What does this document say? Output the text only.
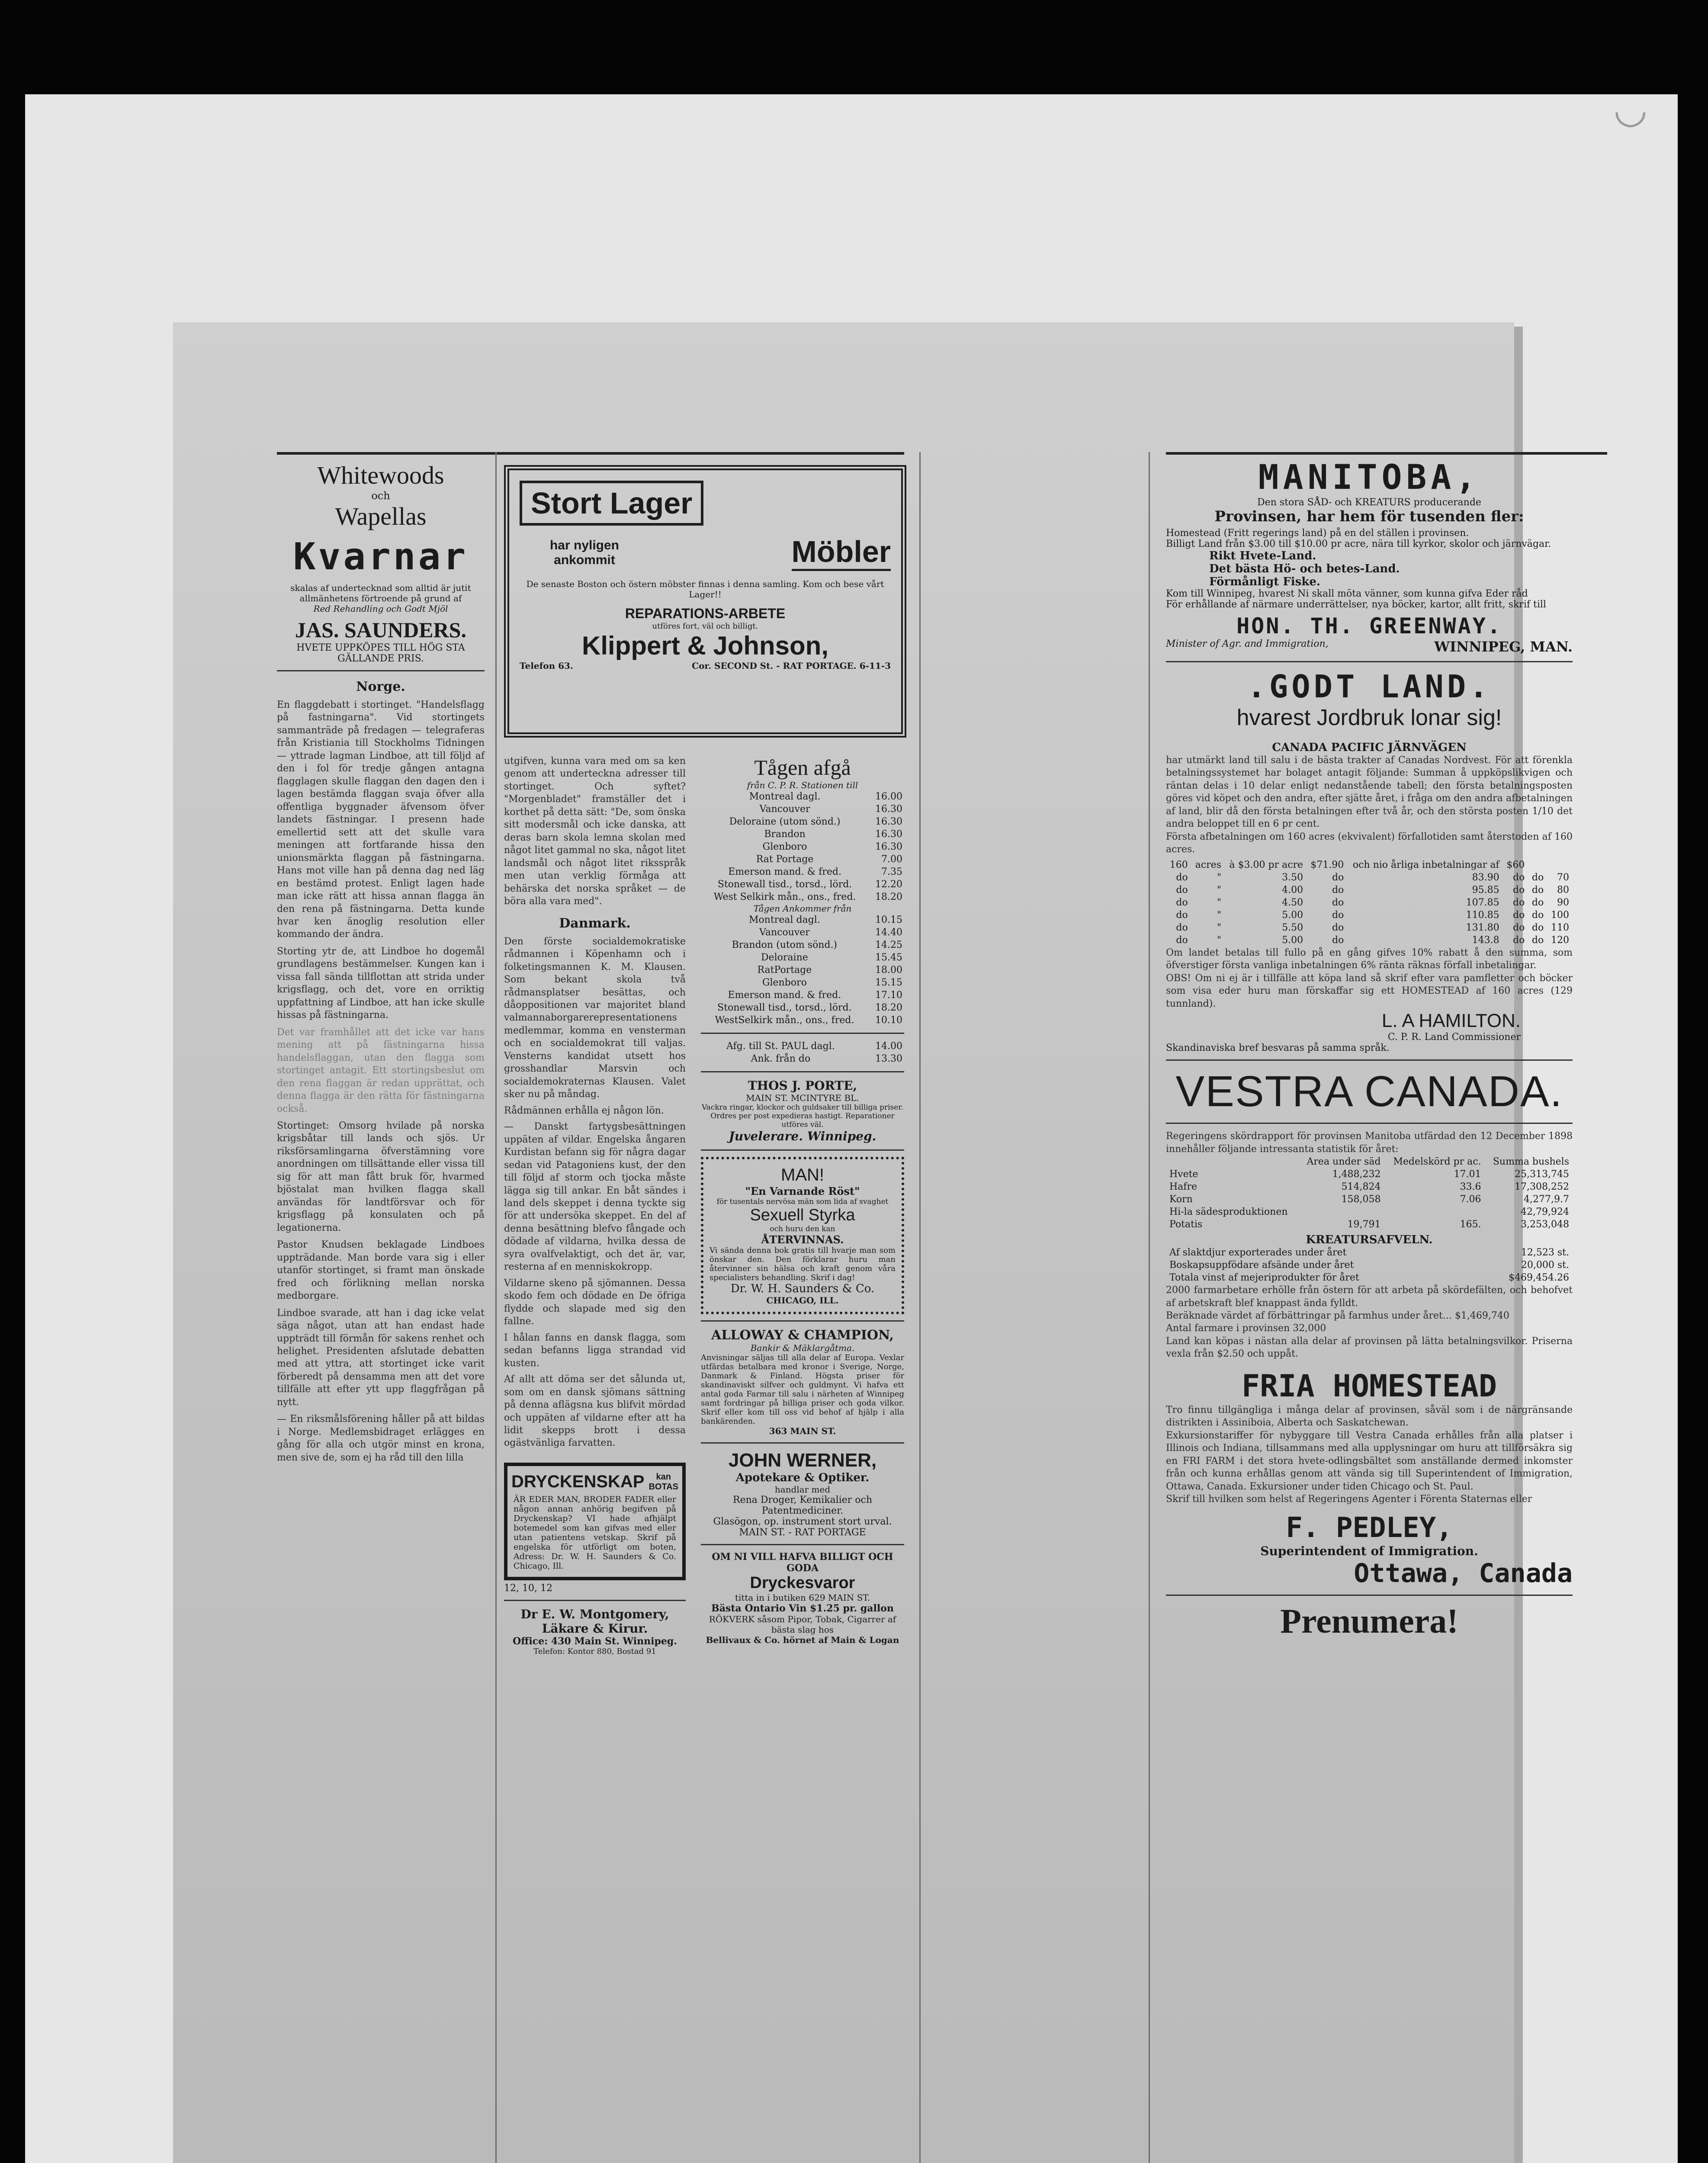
◡
Whitewoods
och
Wapellas
Kvarnar
skalas af undertecknad som alltid är jutit allmänhetens förtroende på grund af
Red Rehandling och Godt Mjöl
JAS. SAUNDERS.
HVETE UPPKÖPES TILL HÖG STA GÄLLANDE PRIS.
Norge.
En flaggdebatt i stortinget. "Handelsflagg på fastningarna". Vid stortingets sammanträde på fredagen — telegraferas från Kristiania till Stockholms Tidningen — yttrade lagman Lindboe, att till följd af den i fol för tredje gången antagna flagglagen skulle flaggan den dagen den i lagen bestämda flaggan svaja öfver alla offentliga byggnader äfvensom öfver landets fästningar. I presenn hade emellertid sett att det skulle vara meningen att fortfarande hissa den unionsmärkta flaggan på fästningarna. Hans mot ville han på denna dag ned läg en bestämd protest. Enligt lagen hade man icke rätt att hissa annan flagga än den rena på fästningarna. Detta kunde hvar ken änoglig resolution eller kommando der ändra.
Storting ytr de, att Lindboe ho dogemål grundlagens bestämmelser. Kungen kan i vissa fall sända tillflottan att strida under krigsflagg, och det, vore en orriktig uppfattning af Lindboe, att han icke skulle hissas på fästningarna.
Det var framhållet att det icke var hans mening att på fästningarna hissa handelsflaggan, utan den flagga som stortinget antagit. Ett stortingsbeslut om den rena flaggan är redan upprättat, och denna flagga är den rätta för fästningarna också.
Stortinget: Omsorg hvilade på norska krigsbåtar till lands och sjös. Ur riksförsamlingarna öfverstämning vore anordningen om tillsättande eller vissa till sig för att man fått bruk för, hvarmed bjöstalat man hvilken flagga skall användas för landtförsvar och för krigsflagg på konsulaten och på legationerna.
Pastor Knudsen beklagade Lindboes uppträdande. Man borde vara sig i eller utanför stortinget, si framt man önskade fred och förlikning mellan norska medborgare.
Lindboe svarade, att han i dag icke velat säga något, utan att han endast hade uppträdt till förmån för sakens renhet och helighet. Presidenten afslutade debatten med att yttra, att stortinget icke varit förberedt på densamma men att det vore tillfälle att efter ytt upp flaggfrågan på nytt.
— En riksmålsförening håller på att bildas i Norge. Medlemsbidraget erlägges en gång för alla och utgör minst en krona, men sive de, som ej ha råd till den lilla
Stort Lager
har nyligen ankommit	Möbler
De senaste Boston och östern möbster finnas i denna samling. Kom och bese vårt Lager!!
REPARATIONS-ARBETE
utföres fort, väl och billigt.
Klippert & Johnson,
Telefon 63.	Cor. SECOND St. - RAT PORTAGE. 6-11-3
utgifven, kunna vara med om sa ken genom att underteckna adresser till stortinget. Och syftet? "Morgenbladet" framställer det i korthet på detta sätt: "De, som önska sitt modersmål och icke danska, att deras barn skola lemna skolan med något litet gammal no ska, något litet landsmål och något litet riksspråk men utan verklig förmåga att behärska det norska språket — de böra alla vara med".
Danmark.
Den förste socialdemokratiske rådmannen i Köpenhamn och i folketingsmannen K. M. Klausen. Som bekant skola två rådmansplatser besättas, och dåoppositionen var majoritet bland valmannaborgarerepresentationens medlemmar, komma en vensterman och en socialdemokrat till valjas. Vensterns kandidat utsett hos grosshandlar Marsvin och socialdemokraternas Klausen. Valet sker nu på måndag.
Rådmännen erhålla ej någon lön.
— Danskt fartygsbesättningen uppäten af vildar. Engelska ångaren Kurdistan befann sig för några dagar sedan vid Patagoniens kust, der den till följd af storm och tjocka måste lägga sig till ankar. En båt sändes i land dels skeppet i denna tyckte sig för att undersöka skeppet. En del af denna besättning blefvo fångade och dödade af vildarna, hvilka dessa de syra ovalfvelaktigt, och det är, var, resterna af en menniskokropp.
Vildarne skeno på sjömannen. Dessa skodo fem och dödade en De öfriga flydde och slapade med sig den fallne.
I hålan fanns en dansk flagga, som sedan befanns ligga strandad vid kusten.
Af allt att döma ser det sålunda ut, som om en dansk sjömans sättning på denna aflägsna kus blifvit mördad och uppäten af vildarne efter att ha lidit skepps brott i dessa ogästvänliga farvatten.
DRYCKENSKAP	kan BOTAS
ÄR EDER MAN, BRODER FADER eller någon annan anhörig begifven på Dryckenskap? VI hade afhjälpt botemedel som kan gifvas med eller utan patientens vetskap. Skrif på engelska för utförligt om boten, Adress: Dr. W. H. Saunders & Co. Chicago, Ill.
12, 10, 12
Dr E. W. Montgomery,
Läkare & Kirur.
Office: 430 Main St. Winnipeg.
Telefon: Kontor 880, Bostad 91
Tågen afgå
från C. P. R. Stationen till
Montreal dagl.	16.00
Vancouver	16.30
Deloraine (utom sönd.)	16.30
Brandon	16.30
Glenboro	16.30
Rat Portage	7.00
Emerson mand. & fred.	7.35
Stonewall tisd., torsd., lörd.	12.20
West Selkirk mån., ons., fred.	18.20
Tågen Ankommer från
Montreal dagl.	10.15
Vancouver	14.40
Brandon (utom sönd.)	14.25
Deloraine	15.45
RatPortage	18.00
Glenboro	15.15
Emerson mand. & fred.	17.10
Stonewall tisd., torsd., lörd.	18.20
WestSelkirk mån., ons., fred.	10.10
Afg. till St. PAUL dagl.	14.00
Ank. från do	13.30
THOS J. PORTE,
MAIN ST. MCINTYRE BL.
Vackra ringar, klockor och guldsaker till billiga priser. Ordres per post expedieras hastigt. Reparationer utföres väl.
Juvelerare. Winnipeg.
MAN!
"En Varnande Röst"
för tusentals nervösa män som lida af svaghet
Sexuell Styrka
och huru den kan
ÅTERVINNAS.
Vi sända denna bok gratis till hvarje man som önskar den. Den förklarar huru man återvinner sin hälsa och kraft genom våra specialisters behandling. Skrif i dag!
Dr. W. H. Saunders & Co.
CHICAGO, ILL.
ALLOWAY & CHAMPION,
Bankir & Mäklargåtma.
Anvisningar säljas till alla delar af Europa. Vexlar utfärdas betalbara med kronor i Sverige, Norge, Danmark & Finland. Högsta priser för skandinaviskt silfver och guldmynt. Vi hafva ett antal goda Farmar till salu i närheten af Winnipeg samt fordringar på billiga priser och goda vilkor. Skrif eller kom till oss vid behof af hjälp i alla bankärenden.
363 MAIN ST.
JOHN WERNER,
Apotekare & Optiker.
handlar med
Rena Droger, Kemikalier och Patentmediciner.
Glasögon, op. instrument stort urval.
MAIN ST. - RAT PORTAGE
OM NI VILL HAFVA BILLIGT OCH GODA
Dryckesvaror
titta in i butiken 629 MAIN ST.
Bästa Ontario Vin $1.25 pr. gallon
RÖKVERK såsom Pipor, Tobak, Cigarrer af bästa slag hos
Bellivaux & Co. hörnet af Main & Logan
MANITOBA,
Den stora SÅD- och KREATURS producerande
Provinsen, har hem för tusenden fler:
Homestead (Fritt regerings land) på en del ställen i provinsen.
Billigt Land från $3.00 till $10.00 pr acre, nära till kyrkor, skolor och järnvägar.
Rikt Hvete-Land.
Det bästa Hö- och betes-Land.
Förmånligt Fiske.
Kom till Winnipeg, hvarest Ni skall möta vänner, som kunna gifva Eder råd
För erhållande af närmare underrättelser, nya böcker, kartor, allt fritt, skrif till
HON. TH. GREENWAY.
Minister of Agr. and Immigration,	WINNIPEG, MAN.
.GODT LAND.
hvarest Jordbruk lonar sig!
CANADA PACIFIC JÄRNVÄGEN
har utmärkt land till salu i de bästa trakter af Canadas Nordvest. För att förenkla betalningssystemet har bolaget antagit följande: Summan å uppköpslikvigen och räntan delas i 10 delar enligt nedanstående tabell; den första betalningsposten göres vid köpet och den andra, efter sjätte året, i fråga om den andra afbetalningen af land, blir då den första betalningen efter två år, och den största posten 1/10 det andra beloppet till en 6 pr cent.
Första afbetalningen om 160 acres (ekvivalent) förfallotiden samt återstoden af 160 acres.
160	acres	à $3.00 pr acre	$71.90	och nio årliga inbetalningar af	$60		
do	"	3.50	do	83.90	do	do	70
do	"	4.00	do	95.85	do	do	80
do	"	4.50	do	107.85	do	do	90
do	"	5.00	do	110.85	do	do	100
do	"	5.50	do	131.80	do	do	110
do	"	5.00	do	143.8	do	do	120
Om landet betalas till fullo på en gång gifves 10% rabatt å den summa, som öfverstiger första vanliga inbetalningen 6% ränta räknas förfall inbetalingar.
OBS! Om ni ej är i tillfälle att köpa land så skrif efter vara pamfletter och böcker som visa eder huru man förskaffar sig ett HOMESTEAD af 160 acres (129 tunnland).
L. A HAMILTON.
C. P. R. Land Commissioner
Skandinaviska bref besvaras på samma språk.
VESTRA CANADA.
Regeringens skördrapport för provinsen Manitoba utfärdad den 12 December 1898 innehåller följande intressanta statistik för året:
	Area under säd	Medelskörd pr ac.	Summa bushels
Hvete	1,488,232	17.01	25,313,745
Hafre	514,824	33.6	17,308,252
Korn	158,058	7.06	4,277,9.7
Hi-la sädesproduktionen			42,79,924
Potatis	19,791	165.	3,253,048
KREATURSAFVELN.
Af slaktdjur exporterades under året	12,523 st.
Boskapsuppfödare afsände under året	20,000 st.
Totala vinst af mejeriprodukter för året	$469,454.26
2000 farmarbetare erhölle från östern för att arbeta på skördefälten, och behofvet af arbetskraft blef knappast ända fylldt.
Beräknade värdet af förbättringar på farmhus under året... $1,469,740
Antal farmare i provinsen 32,000
Land kan köpas i nästan alla delar af provinsen på lätta betalningsvilkor. Priserna vexla från $2.50 och uppåt.
FRIA HOMESTEAD
Tro finnu tillgängliga i många delar af provinsen, såväl som i de närgränsande distrikten i Assiniboia, Alberta och Saskatchewan.
Exkursionstariffer för nybyggare till Vestra Canada erhålles från alla platser i Illinois och Indiana, tillsammans med alla upplysningar om huru att tillförsäkra sig en FRI FARM i det stora hvete-odlingsbältet som anställande dermed inkomster från och kunna erhållas genom att vända sig till Superintendent of Immigration, Ottawa, Canada. Exkursioner under tiden Chicago och St. Paul.
Skrif till hvilken som helst af Regeringens Agenter i Förenta Staternas eller
F. PEDLEY,
Superintendent of Immigration.
Ottawa, Canada
Prenumera!
